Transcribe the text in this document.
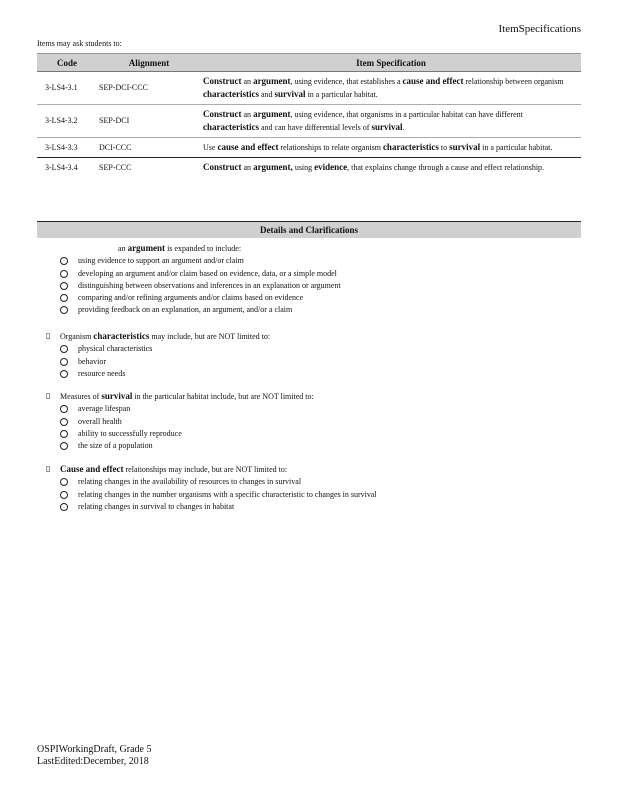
ItemSpecifications
Items may ask students to:
Code	Alignment	Item Specification
3-LS4-3.1	SEP-DCI-CCC	Construct an argument, using evidence, that establishes a cause and effect relationship between organism characteristics and survival in a particular habitat.
3-LS4-3.2	SEP-DCI	Construct an argument, using evidence, that organisms in a particular habitat can have different characteristics and can have differential levels of survival.
3-LS4-3.3	DCI-CCC	Use cause and effect relationships to relate organism characteristics to survival in a particular habitat.
3-LS4-3.4	SEP-CCC	Construct an argument, using evidence, that explains change through a cause and effect relationship.
Details and Clarifications
an argument is expanded to include:
using evidence to support an argument and/or claim
developing an argument and/or claim based on evidence, data, or a simple model
distinguishing between observations and inferences in an explanation or argument
comparing and/or refining arguments and/or claims based on evidence
providing feedback on an explanation, an argument, and/or a claim
▯	Organism characteristics may include, but are NOT limited to:
physical characteristics
behavior
resource needs
▯	Measures of survival in the particular habitat include, but are NOT limited to:
average lifespan
overall health
ability to successfully reproduce
the size of a population
▯	Cause and effect relationships may include, but are NOT limited to:
relating changes in the availability of resources to changes in survival
relating changes in the number organisms with a specific characteristic to changes in survival
relating changes in survival to changes in habitat
OSPIWorkingDraft, Grade 5
LastEdited:December, 2018
